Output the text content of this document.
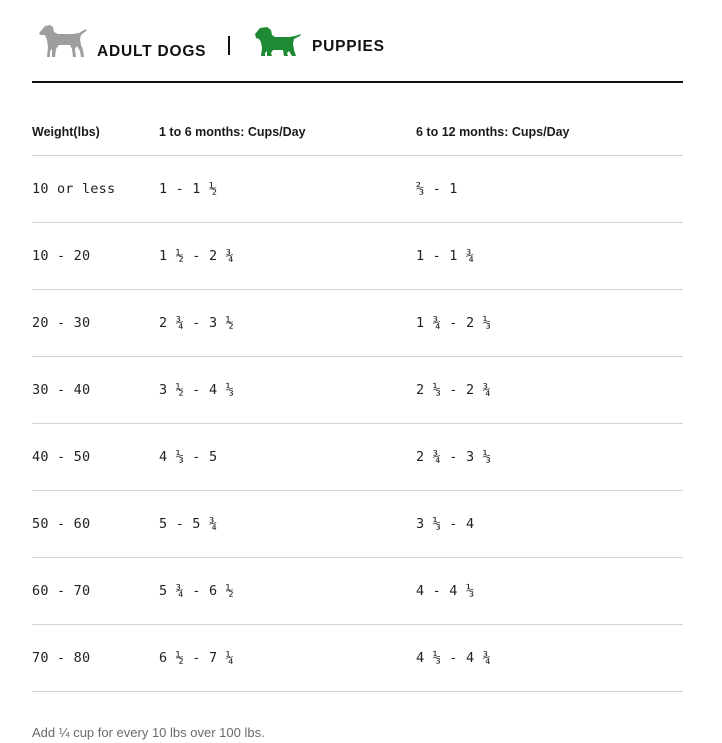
ADULT DOGS	PUPPIES
Weight(lbs)	1 to 6 months: Cups/Day	6 to 12 months: Cups/Day
10 or less	1 - 1 ½	⅔ - 1
10 - 20	1 ½ - 2 ¾	1 - 1 ¾
20 - 30	2 ¾ - 3 ½	1 ¾ - 2 ⅓
30 - 40	3 ½ - 4 ⅓	2 ⅓ - 2 ¾
40 - 50	4 ⅓ - 5	2 ¾ - 3 ⅓
50 - 60	5 - 5 ¾	3 ⅓ - 4
60 - 70	5 ¾ - 6 ½	4 - 4 ⅓
70 - 80	6 ½ - 7 ¼	4 ⅓ - 4 ¾
Add ¼ cup for every 10 lbs over 100 lbs.
